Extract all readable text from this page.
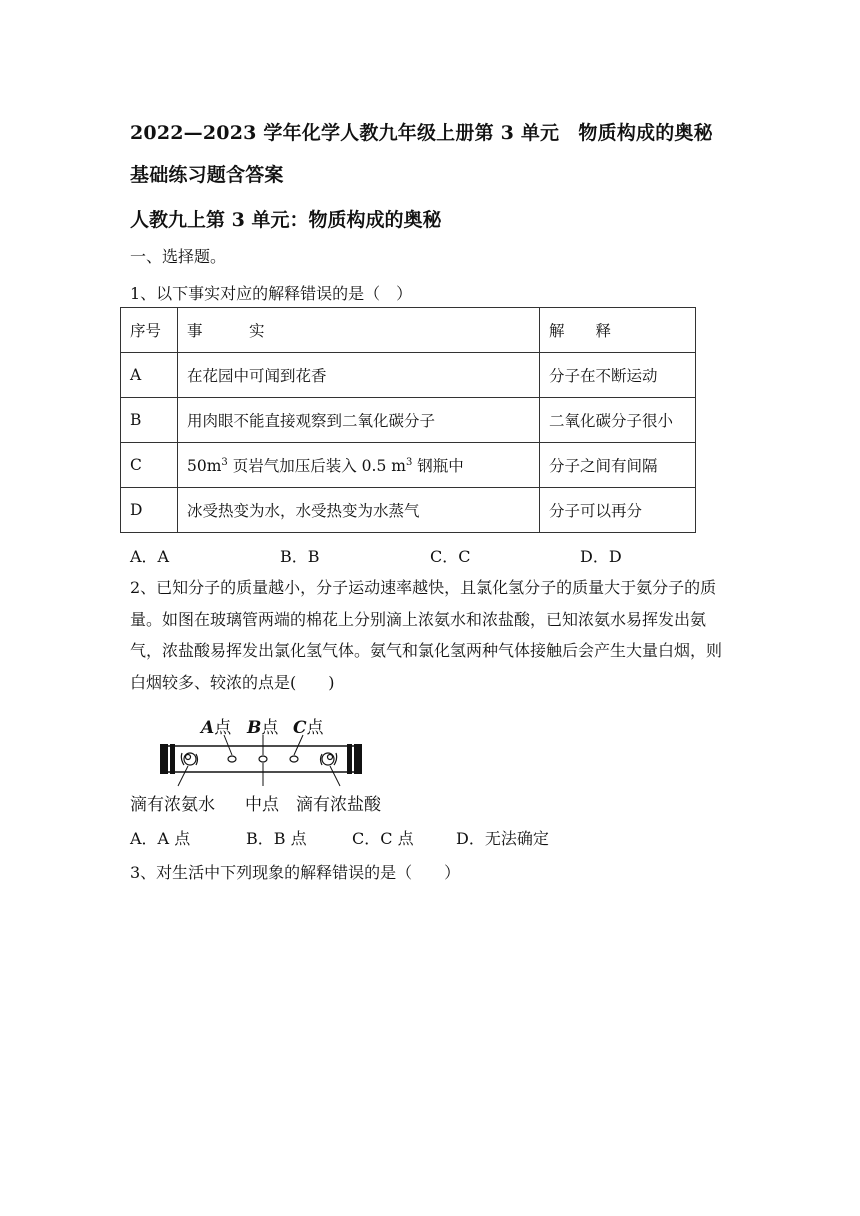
2022—2023 学年化学人教九年级上册第 3 单元　物质构成的奥秘
基础练习题含答案
人教九上第 3 单元：物质构成的奥秘
一、选择题。
1、以下事实对应的解释错误的是（　）
序号	事　　　实	解　　释
A	在花园中可闻到花香	分子在不断运动
B	用肉眼不能直接观察到二氧化碳分子	二氧化碳分子很小
C	$50m^3$ 页岩气加压后装入 0.5 $m^3$ 钢瓶中	分子之间有间隔
D	冰受热变为水，水受热变为水蒸气	分子可以再分
A．A	B．B	C．C	D．D
2、已知分子的质量越小，分子运动速率越快，且氯化氢分子的质量大于氨分子的质量。如图在玻璃管两端的棉花上分别滴上浓氨水和浓盐酸，已知浓氨水易挥发出氨气，浓盐酸易挥发出氯化氢气体。氨气和氯化氢两种气体接触后会产生大量白烟，则白烟较多、较浓的点是(　　)
A点 B点 C点
滴有浓氨水 中点 滴有浓盐酸
A．A 点	B．B 点	C．C 点	D．无法确定
3、对生活中下列现象的解释错误的是（　　）
